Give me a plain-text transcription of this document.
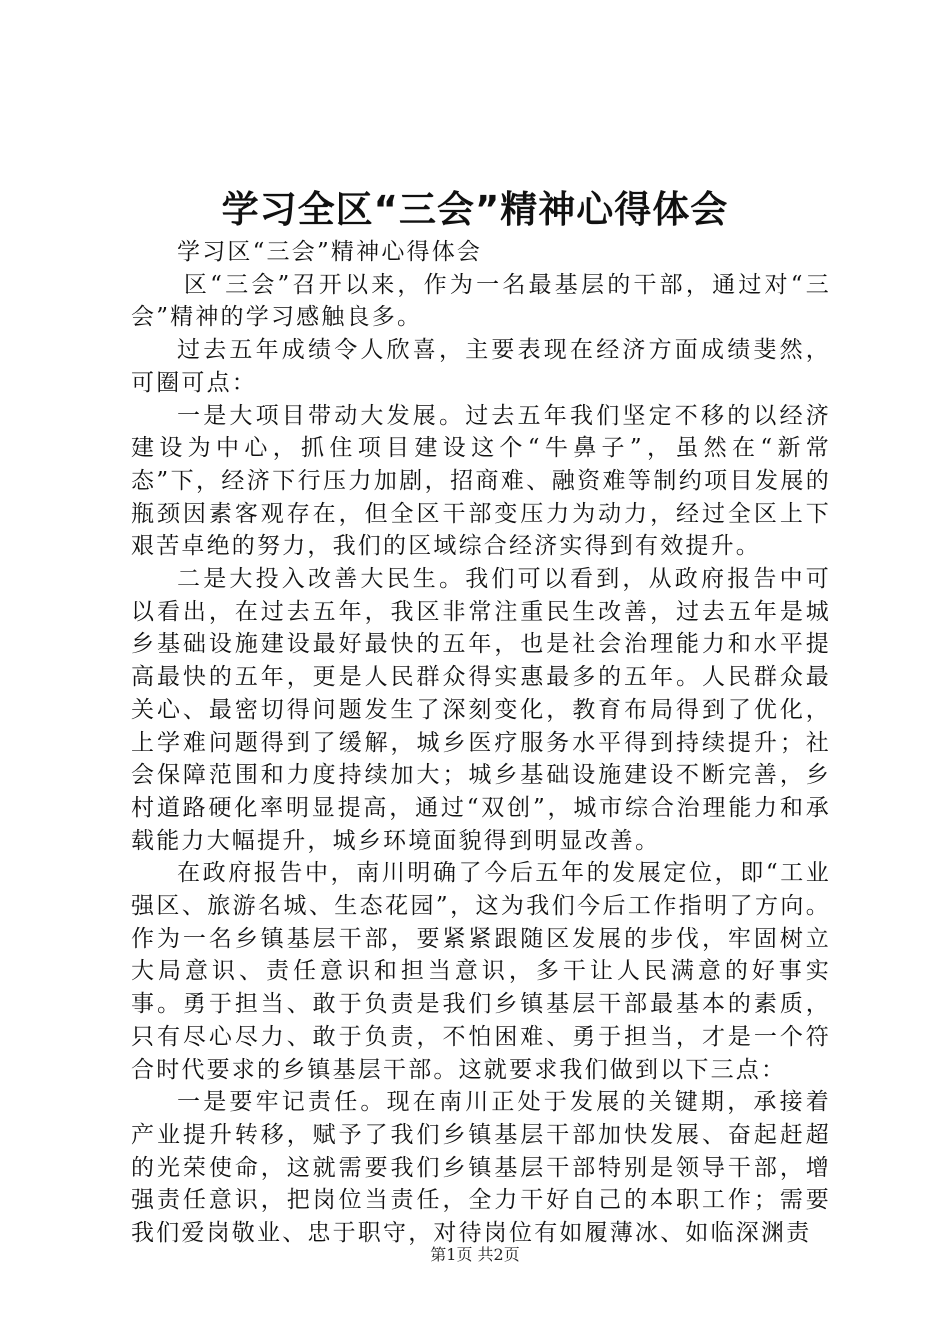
学习全区“三会”精神心得体会

学习区“三会”精神心得体会

区“三会”召开以来，作为一名最基层的干部，通过对“三会”精神的学习感触良多。

过去五年成绩令人欣喜，主要表现在经济方面成绩斐然，可圈可点：

一是大项目带动大发展。过去五年我们坚定不移的以经济建设为中心，抓住项目建设这个“牛鼻子”，虽然在“新常态”下，经济下行压力加剧，招商难、融资难等制约项目发展的瓶颈因素客观存在，但全区干部变压力为动力，经过全区上下艰苦卓绝的努力，我们的区域综合经济实得到有效提升。

二是大投入改善大民生。我们可以看到，从政府报告中可以看出，在过去五年，我区非常注重民生改善，过去五年是城乡基础设施建设最好最快的五年，也是社会治理能力和水平提高最快的五年，更是人民群众得实惠最多的五年。人民群众最关心、最密切得问题发生了深刻变化，教育布局得到了优化，上学难问题得到了缓解，城乡医疗服务水平得到持续提升；社会保障范围和力度持续加大；城乡基础设施建设不断完善，乡村道路硬化率明显提高，通过“双创”，城市综合治理能力和承载能力大幅提升，城乡环境面貌得到明显改善。

在政府报告中，南川明确了今后五年的发展定位，即“工业强区、旅游名城、生态花园”，这为我们今后工作指明了方向。作为一名乡镇基层干部，要紧紧跟随区发展的步伐，牢固树立大局意识、责任意识和担当意识，多干让人民满意的好事实事。勇于担当、敢于负责是我们乡镇基层干部最基本的素质，只有尽心尽力、敢于负责，不怕困难、勇于担当，才是一个符合时代要求的乡镇基层干部。这就要求我们做到以下三点：

一是要牢记责任。现在南川正处于发展的关键期，承接着产业提升转移，赋予了我们乡镇基层干部加快发展、奋起赶超的光荣使命，这就需要我们乡镇基层干部特别是领导干部，增强责任意识，把岗位当责任，全力干好自己的本职工作；需要我们爱岗敬业、忠于职守，对待岗位有如履薄冰、如临深渊责

第1页 共2页
